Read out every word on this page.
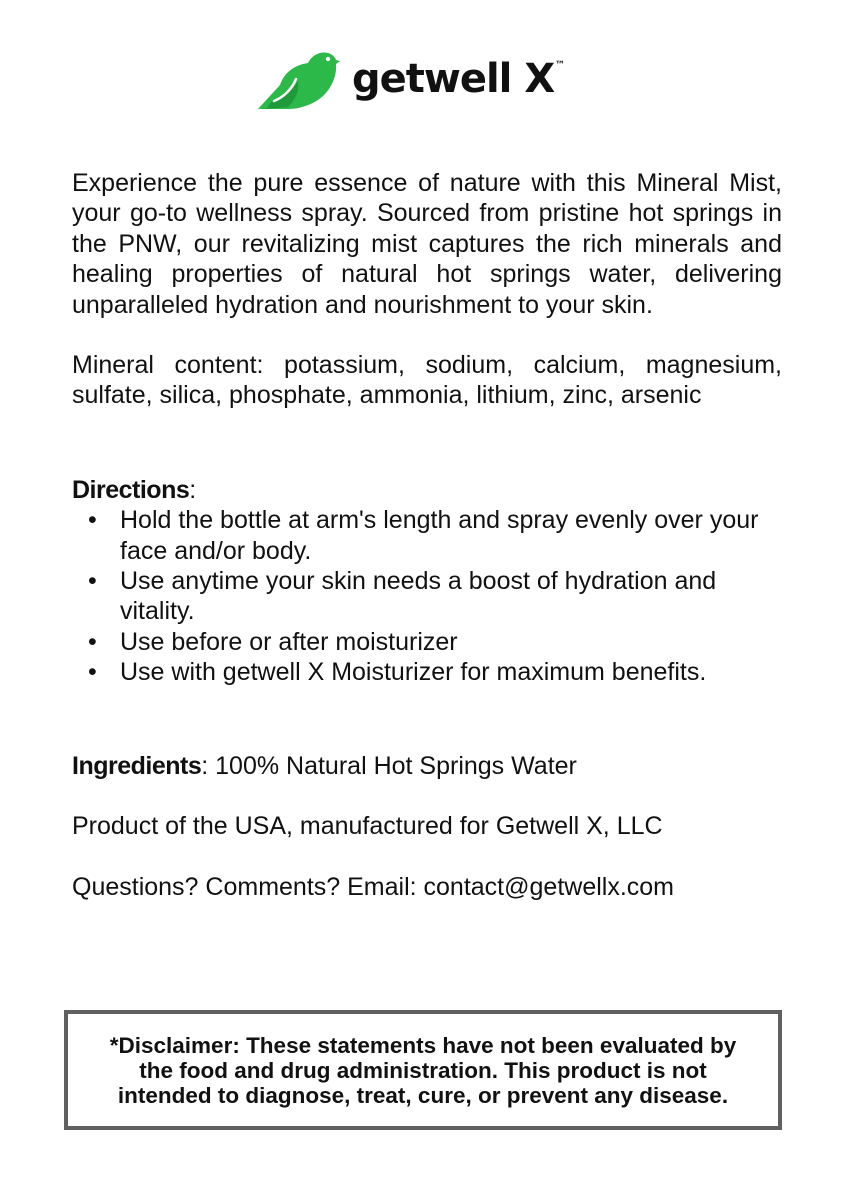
getwell X™

Experience the pure essence of nature with this Mineral Mist, your go-to wellness spray. Sourced from pristine hot springs in the PNW, our revitalizing mist captures the rich minerals and healing properties of natural hot springs water, delivering unparalleled hydration and nourishment to your skin.

Mineral content: potassium, sodium, calcium, magnesium, sulfate, silica, phosphate, ammonia, lithium, zinc, arsenic

Directions:

• Hold the bottle at arm's length and spray evenly over your face and/or body.
• Use anytime your skin needs a boost of hydration and vitality.
• Use before or after moisturizer
• Use with getwell X Moisturizer for maximum benefits.

Ingredients: 100% Natural Hot Springs Water

Product of the USA, manufactured for Getwell X, LLC

Questions? Comments? Email: contact@getwellx.com

*Disclaimer: These statements have not been evaluated by the food and drug administration. This product is not intended to diagnose, treat, cure, or prevent any disease.
